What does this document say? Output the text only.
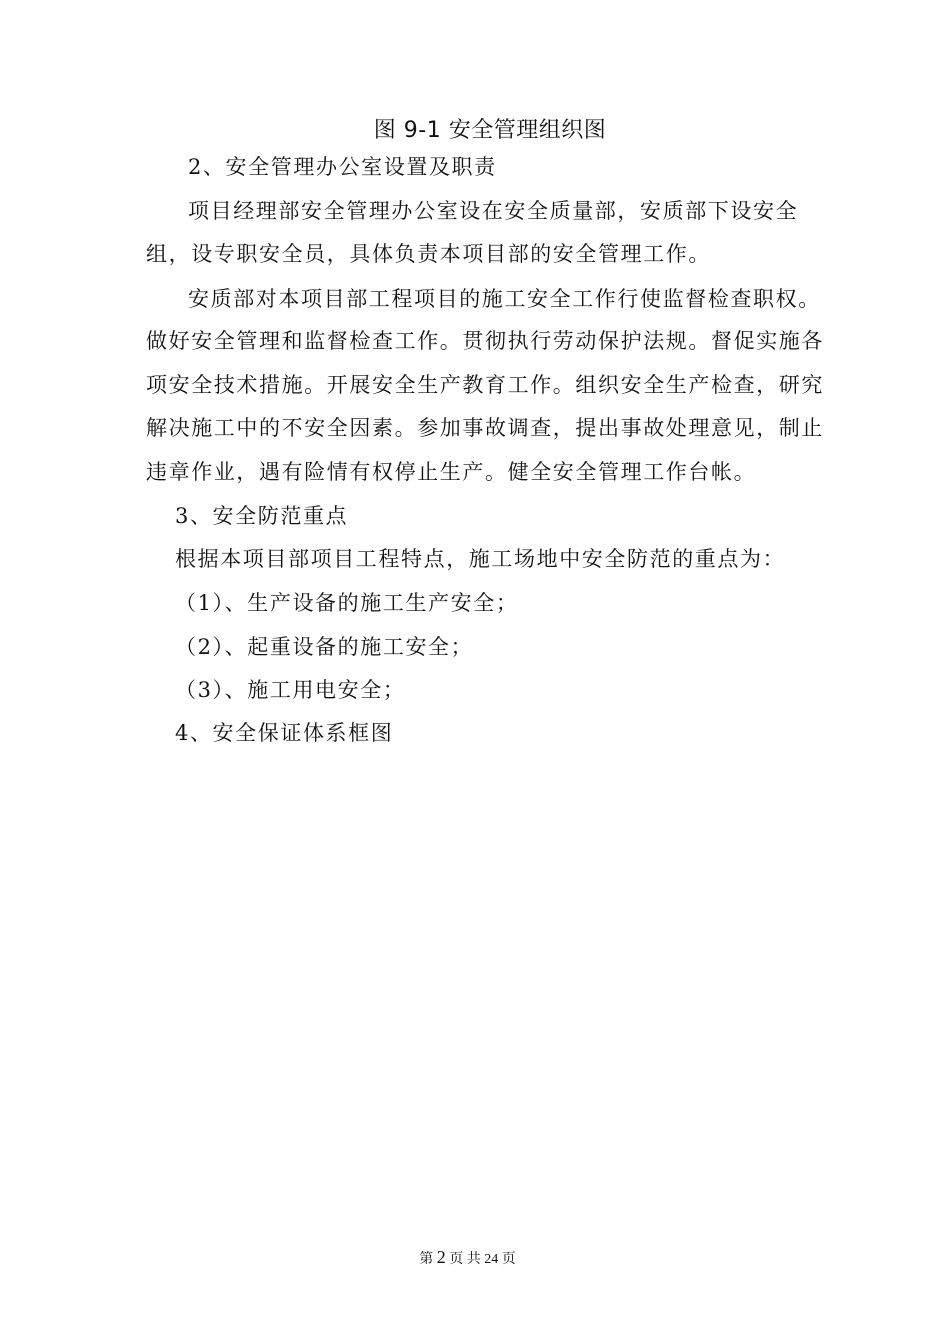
图 9-1 安全管理组织图
2、安全管理办公室设置及职责
项目经理部安全管理办公室设在安全质量部，安质部下设安全
组，设专职安全员，具体负责本项目部的安全管理工作。
安质部对本项目部工程项目的施工安全工作行使监督检查职权。
做好安全管理和监督检查工作。贯彻执行劳动保护法规。督促实施各
项安全技术措施。开展安全生产教育工作。组织安全生产检查，研究
解决施工中的不安全因素。参加事故调查，提出事故处理意见，制止
违章作业，遇有险情有权停止生产。健全安全管理工作台帐。
3、安全防范重点
根据本项目部项目工程特点，施工场地中安全防范的重点为：
（1）、生产设备的施工生产安全；
（2）、起重设备的施工安全；
（3）、施工用电安全；
4、安全保证体系框图
第 2 页 共 24 页
